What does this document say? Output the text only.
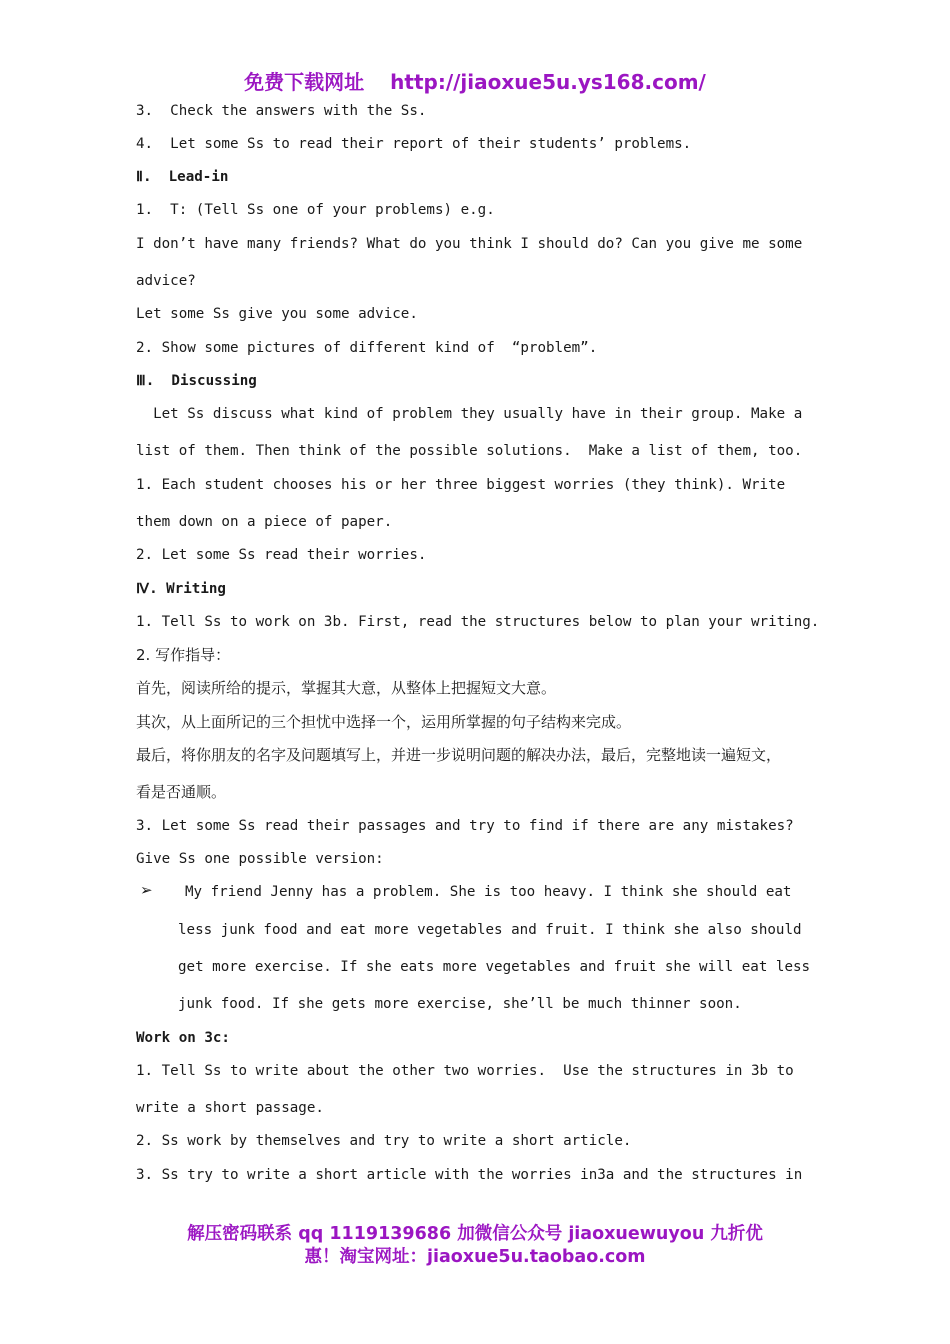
免费下载网址 http://jiaoxue5u.ys168.com/
3.  Check the answers with the Ss.
4.  Let some Ss to read their report of their students’ problems.
Ⅱ.  Lead-in
1.  T: (Tell Ss one of your problems) e.g.
I don’t have many friends? What do you think I should do? Can you give me some
advice?
Let some Ss give you some advice.
2. Show some pictures of different kind of  “problem”.
Ⅲ.  Discussing
Let Ss discuss what kind of problem they usually have in their group. Make a
list of them. Then think of the possible solutions.  Make a list of them, too.
1. Each student chooses his or her three biggest worries (they think). Write
them down on a piece of paper.
2. Let some Ss read their worries.
Ⅳ. Writing
1. Tell Ss to work on 3b. First, read the structures below to plan your writing.
2. 写作指导：
首先，阅读所给的提示，掌握其大意，从整体上把握短文大意。
其次，从上面所记的三个担忧中选择一个，运用所掌握的句子结构来完成。
最后，将你朋友的名字及问题填写上，并进一步说明问题的解决办法，最后，完整地读一遍短文，
看是否通顺。
3. Let some Ss read their passages and try to find if there are any mistakes?
Give Ss one possible version:
➢ My friend Jenny has a problem. She is too heavy. I think she should eat
less junk food and eat more vegetables and fruit. I think she also should
get more exercise. If she eats more vegetables and fruit she will eat less
junk food. If she gets more exercise, she’ll be much thinner soon.
Work on 3c:
1. Tell Ss to write about the other two worries.  Use the structures in 3b to
write a short passage.
2. Ss work by themselves and try to write a short article.
3. Ss try to write a short article with the worries in3a and the structures in
解压密码联系 qq 1119139686 加微信公众号 jiaoxuewuyou 九折优
惠！淘宝网址：jiaoxue5u.taobao.com
